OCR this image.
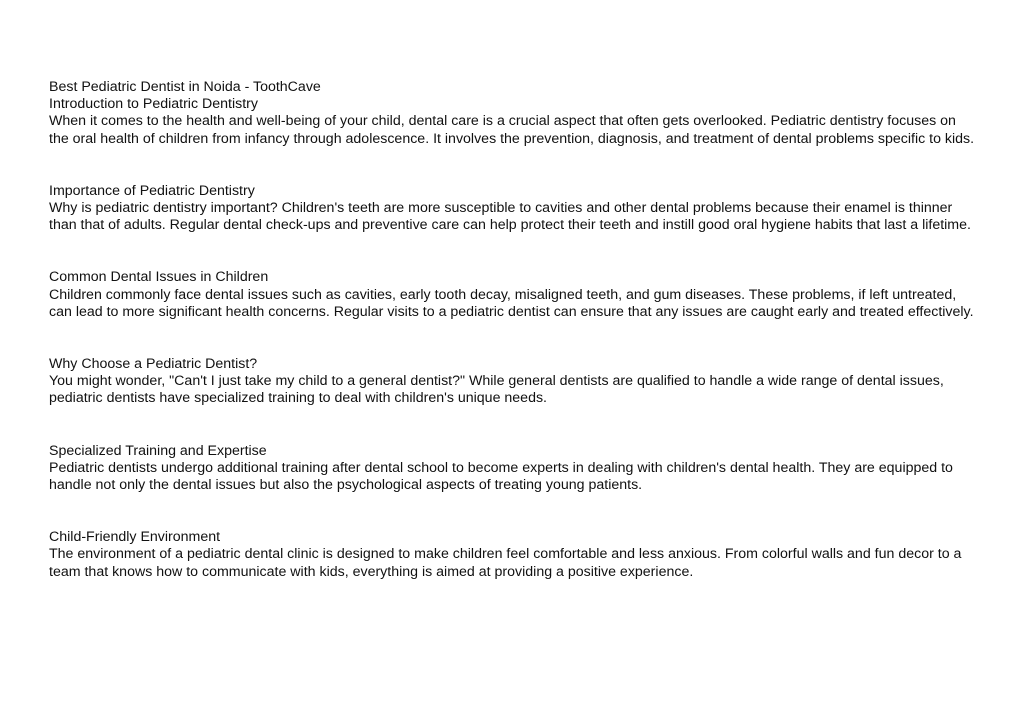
Best Pediatric Dentist in Noida - ToothCave
Introduction to Pediatric Dentistry

When it comes to the health and well-being of your child, dental care is a crucial aspect that often gets overlooked. Pediatric dentistry focuses on the oral health of children from infancy through adolescence. It involves the prevention, diagnosis, and treatment of dental problems specific to kids.

Importance of Pediatric Dentistry

Why is pediatric dentistry important? Children's teeth are more susceptible to cavities and other dental problems because their enamel is thinner than that of adults. Regular dental check-ups and preventive care can help protect their teeth and instill good oral hygiene habits that last a lifetime.

Common Dental Issues in Children

Children commonly face dental issues such as cavities, early tooth decay, misaligned teeth, and gum diseases. These problems, if left untreated, can lead to more significant health concerns. Regular visits to a pediatric dentist can ensure that any issues are caught early and treated effectively.

Why Choose a Pediatric Dentist?

You might wonder, "Can't I just take my child to a general dentist?" While general dentists are qualified to handle a wide range of dental issues, pediatric dentists have specialized training to deal with children's unique needs.

Specialized Training and Expertise

Pediatric dentists undergo additional training after dental school to become experts in dealing with children's dental health. They are equipped to handle not only the dental issues but also the psychological aspects of treating young patients.

Child-Friendly Environment

The environment of a pediatric dental clinic is designed to make children feel comfortable and less anxious. From colorful walls and fun decor to a team that knows how to communicate with kids, everything is aimed at providing a positive experience.
